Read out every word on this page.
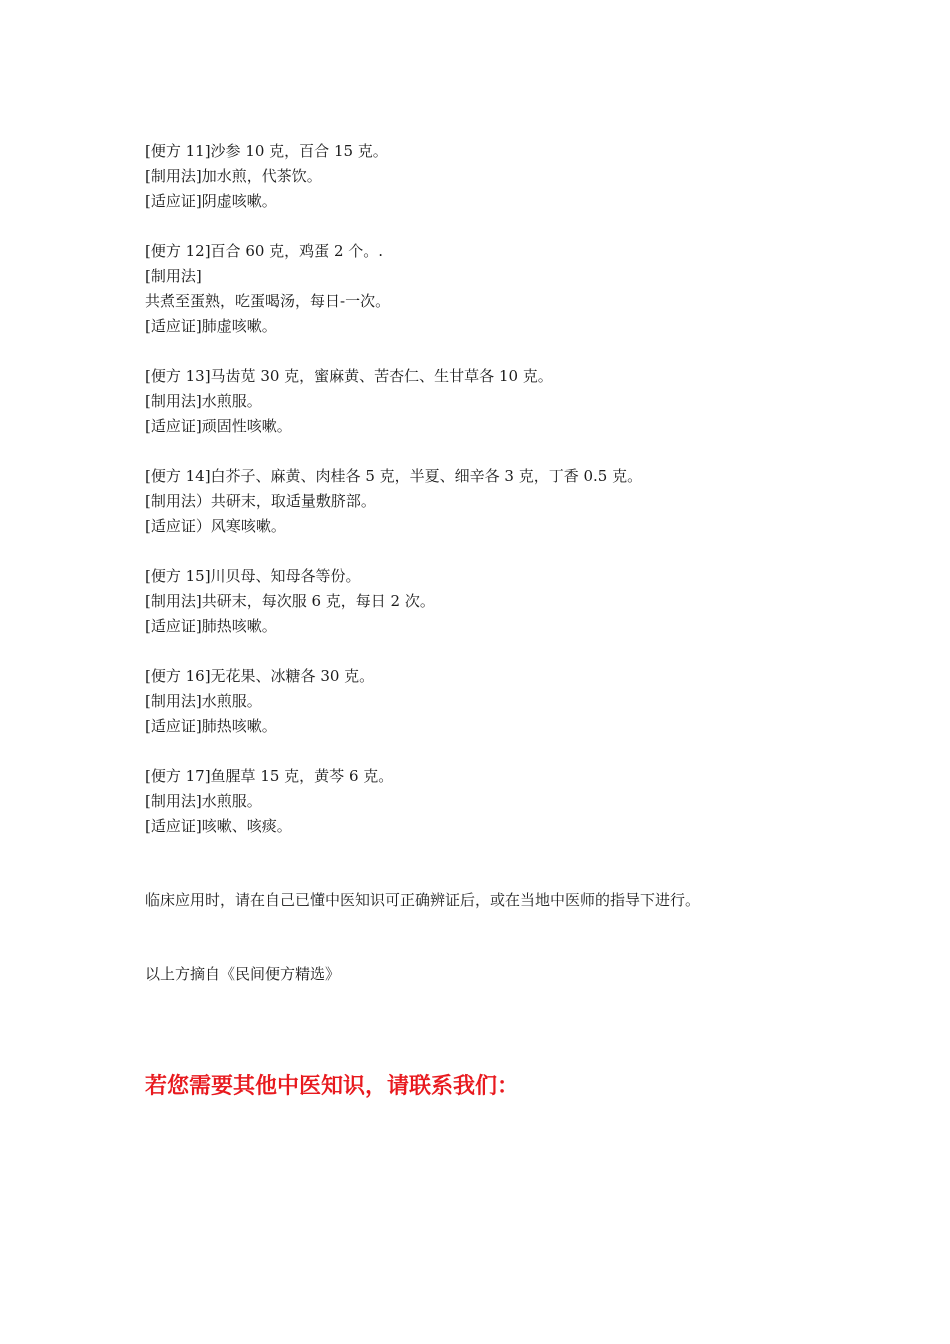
[便方 11]沙参 10 克，百合 15 克。
[制用法]加水煎，代茶饮。
[适应证]阴虚咳嗽。
[便方 12]百合 60 克，鸡蛋 2 个。.
[制用法]
共煮至蛋熟，吃蛋喝汤，每日-一次。
[适应证]肺虚咳嗽。
[便方 13]马齿苋 30 克，蜜麻黄、苦杏仁、生甘草各 10 克。
[制用法]水煎服。
[适应证]顽固性咳嗽。
[便方 14]白芥子、麻黄、肉桂各 5 克，半夏、细辛各 3 克，丁香 0.5 克。
[制用法）共研末，取适量敷脐部。
[适应证）风寒咳嗽。
[便方 15]川贝母、知母各等份。
[制用法]共研末，每次服 6 克，每日 2 次。
[适应证]肺热咳嗽。
[便方 16]无花果、冰糖各 30 克。
[制用法]水煎服。
[适应证]肺热咳嗽。
[便方 17]鱼腥草 15 克，黄芩 6 克。
[制用法]水煎服。
[适应证]咳嗽、咳痰。
临床应用时，请在自己已懂中医知识可正确辨证后，或在当地中医师的指导下进行。
以上方摘自《民间便方精选》
若您需要其他中医知识，请联系我们：
